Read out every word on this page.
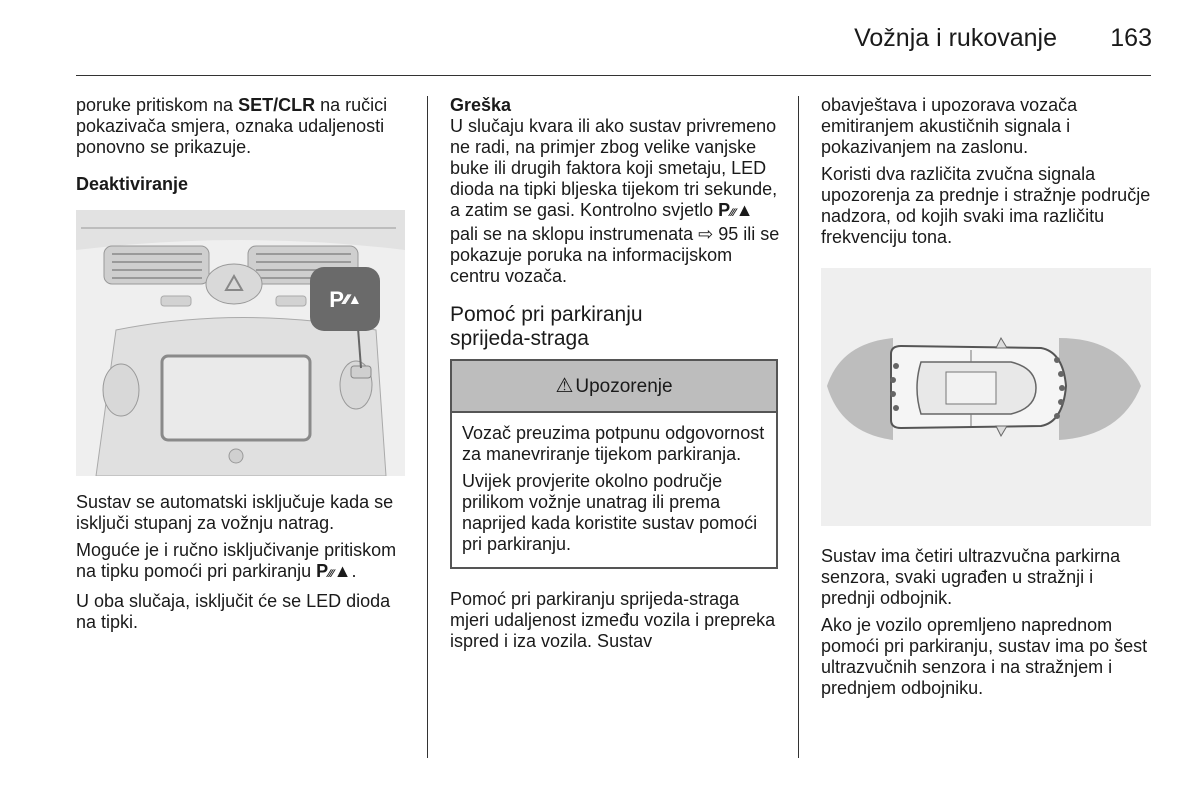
Vožnja i rukovanje 163

poruke pritiskom na SET/CLR na ručici pokazivača smjera, oznaka udaljenosti ponovno se prikazuje.

Deaktiviranje

P ∕∕∕▲

Sustav se automatski isključuje kada se isključi stupanj za vožnju natrag.

Moguće je i ručno isključivanje pritiskom na tipku pomoći pri parkiranju P∕∕∕▲.

U oba slučaja, isključit će se LED dioda na tipki.

Greška

U slučaju kvara ili ako sustav privremeno ne radi, na primjer zbog velike vanjske buke ili drugih faktora koji smetaju, LED dioda na tipki bljeska tijekom tri sekunde, a zatim se gasi. Kontrolno svjetlo P∕∕∕▲ pali se na sklopu instrumenata ⇨ 95 ili se pokazuje poruka na informacijskom centru vozača.

Pomoć pri parkiranju sprijeda-straga
⚠ Upozorenje

Vozač preuzima potpunu odgovornost za manevriranje tijekom parkiranja.

Uvijek provjerite okolno područje prilikom vožnje unatrag ili prema naprijed kada koristite sustav pomoći pri parkiranju.

Pomoć pri parkiranju sprijeda-straga mjeri udaljenost između vozila i prepreka ispred i iza vozila. Sustav

obavještava i upozorava vozača emitiranjem akustičnih signala i pokazivanjem na zaslonu.

Koristi dva različita zvučna signala upozorenja za prednje i stražnje područje nadzora, od kojih svaki ima različitu frekvenciju tona.

Sustav ima četiri ultrazvučna parkirna senzora, svaki ugrađen u stražnji i prednji odbojnik.

Ako je vozilo opremljeno naprednom pomoći pri parkiranju, sustav ima po šest ultrazvučnih senzora i na stražnjem i prednjem odbojniku.
